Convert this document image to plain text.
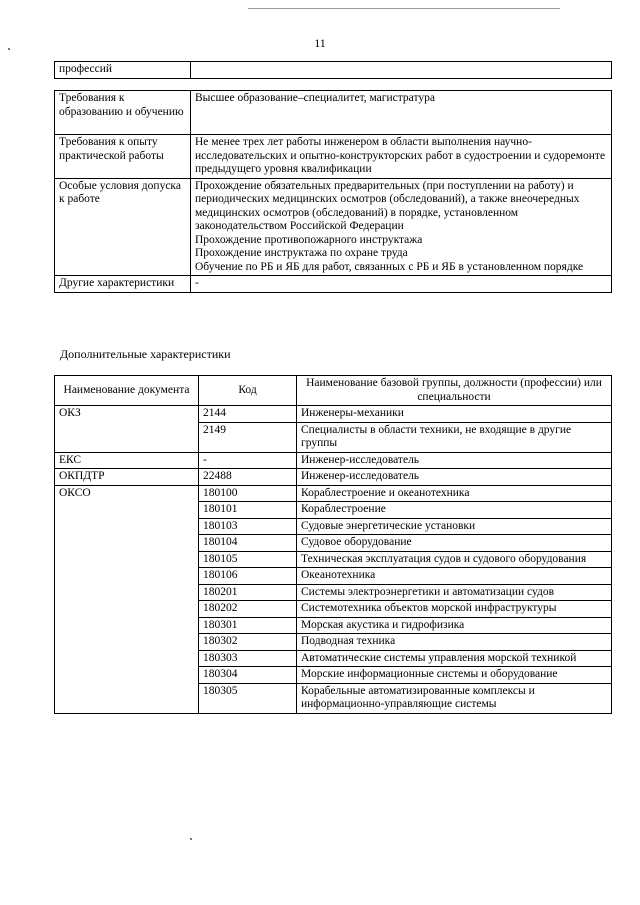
11
профессий	
Требования к образованию и обучению	Высшее образование–специалитет, магистратура

Требования к опыту практической работы	Не менее трех лет работы инженером в области выполнения научно-исследовательских и опытно-конструкторских работ в судостроении и судоремонте предыдущего уровня квалификации

Особые условия допуска к работе	Прохождение обязательных предварительных (при поступлении на работу) и периодических медицинских осмотров (обследований), а также внеочередных медицинских осмотров (обследований) в порядке, установленном законодательством Российской Федерации
Прохождение противопожарного инструктажа
Прохождение инструктажа по охране труда
Обучение по РБ и ЯБ для работ, связанных с РБ и ЯБ в установленном порядке

Другие характеристики	-
Дополнительные характеристики
Наименование документа	Код	Наименование базовой группы, должности (профессии) или специальности
ОКЗ	2144	Инженеры-механики
	2149	Специалисты в области техники, не входящие в другие группы
ЕКС	-	Инженер-исследователь
ОКПДТР	22488	Инженер-исследователь
ОКСО	180100	Кораблестроение и океанотехника
	180101	Кораблестроение
	180103	Судовые энергетические установки
	180104	Судовое оборудование
	180105	Техническая эксплуатация судов и судового оборудования
	180106	Океанотехника
	180201	Системы электроэнергетики и автоматизации судов
	180202	Системотехника объектов морской инфраструктуры
	180301	Морская акустика и гидрофизика
	180302	Подводная техника
	180303	Автоматические системы управления морской техникой
	180304	Морские информационные системы и оборудование
	180305	Корабельные автоматизированные комплексы и информационно-управляющие системы
